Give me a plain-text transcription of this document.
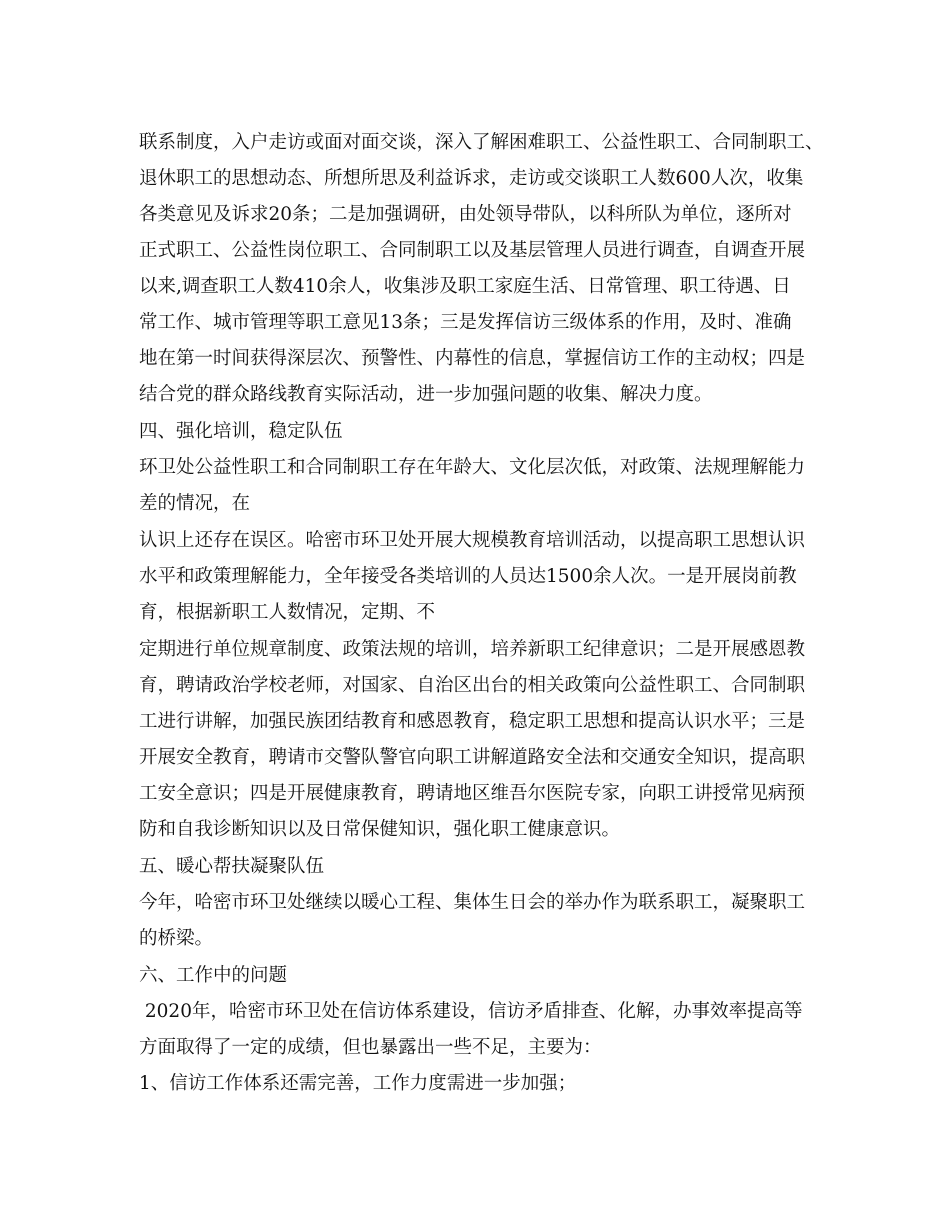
联系制度，入户走访或面对面交谈，深入了解困难职工、公益性职工、合同制职工、

退休职工的思想动态、所想所思及利益诉求，走访或交谈职工人数600人次，收集

各类意见及诉求20条；二是加强调研，由处领导带队，以科所队为单位，逐所对

正式职工、公益性岗位职工、合同制职工以及基层管理人员进行调查，自调查开展

以来,调查职工人数410余人，收集涉及职工家庭生活、日常管理、职工待遇、日

常工作、城市管理等职工意见13条；三是发挥信访三级体系的作用，及时、准确

地在第一时间获得深层次、预警性、内幕性的信息，掌握信访工作的主动权；四是

结合党的群众路线教育实际活动，进一步加强问题的收集、解决力度。

四、强化培训，稳定队伍

环卫处公益性职工和合同制职工存在年龄大、文化层次低，对政策、法规理解能力

差的情况，在

认识上还存在误区。哈密市环卫处开展大规模教育培训活动，以提高职工思想认识

水平和政策理解能力，全年接受各类培训的人员达1500余人次。一是开展岗前教

育，根据新职工人数情况，定期、不

定期进行单位规章制度、政策法规的培训，培养新职工纪律意识；二是开展感恩教

育，聘请政治学校老师，对国家、自治区出台的相关政策向公益性职工、合同制职

工进行讲解，加强民族团结教育和感恩教育，稳定职工思想和提高认识水平；三是

开展安全教育，聘请市交警队警官向职工讲解道路安全法和交通安全知识，提高职

工安全意识；四是开展健康教育，聘请地区维吾尔医院专家，向职工讲授常见病预

防和自我诊断知识以及日常保健知识，强化职工健康意识。

五、暖心帮扶凝聚队伍

今年，哈密市环卫处继续以暖心工程、集体生日会的举办作为联系职工，凝聚职工

的桥梁。

六、工作中的问题

2020年，哈密市环卫处在信访体系建设，信访矛盾排查、化解，办事效率提高等

方面取得了一定的成绩，但也暴露出一些不足，主要为：

1、信访工作体系还需完善，工作力度需进一步加强；
